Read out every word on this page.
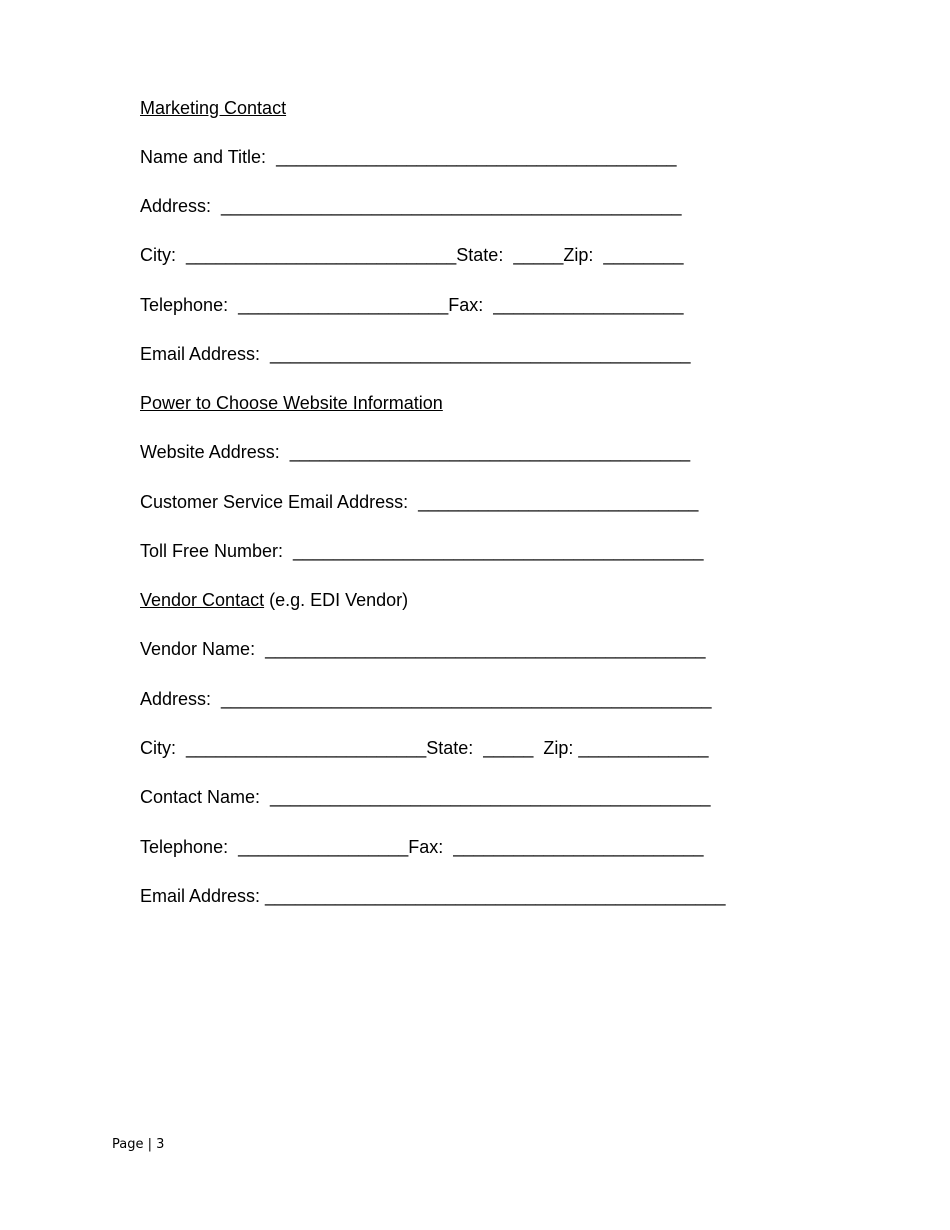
Marketing Contact
Name and Title:  ________________________________________
Address:  ______________________________________________
City:  ___________________________State:  _____Zip:  ________
Telephone:  _____________________Fax:  ___________________
Email Address:  __________________________________________
Power to Choose Website Information
Website Address:  ________________________________________
Customer Service Email Address:  ____________________________
Toll Free Number:  _________________________________________
Vendor Contact (e.g. EDI Vendor)
Vendor Name:  ____________________________________________
Address:  _________________________________________________
City:  ________________________State:  _____  Zip: _____________
Contact Name:  ____________________________________________
Telephone:  _________________Fax:  _________________________
Email Address: ______________________________________________
Page | 3
